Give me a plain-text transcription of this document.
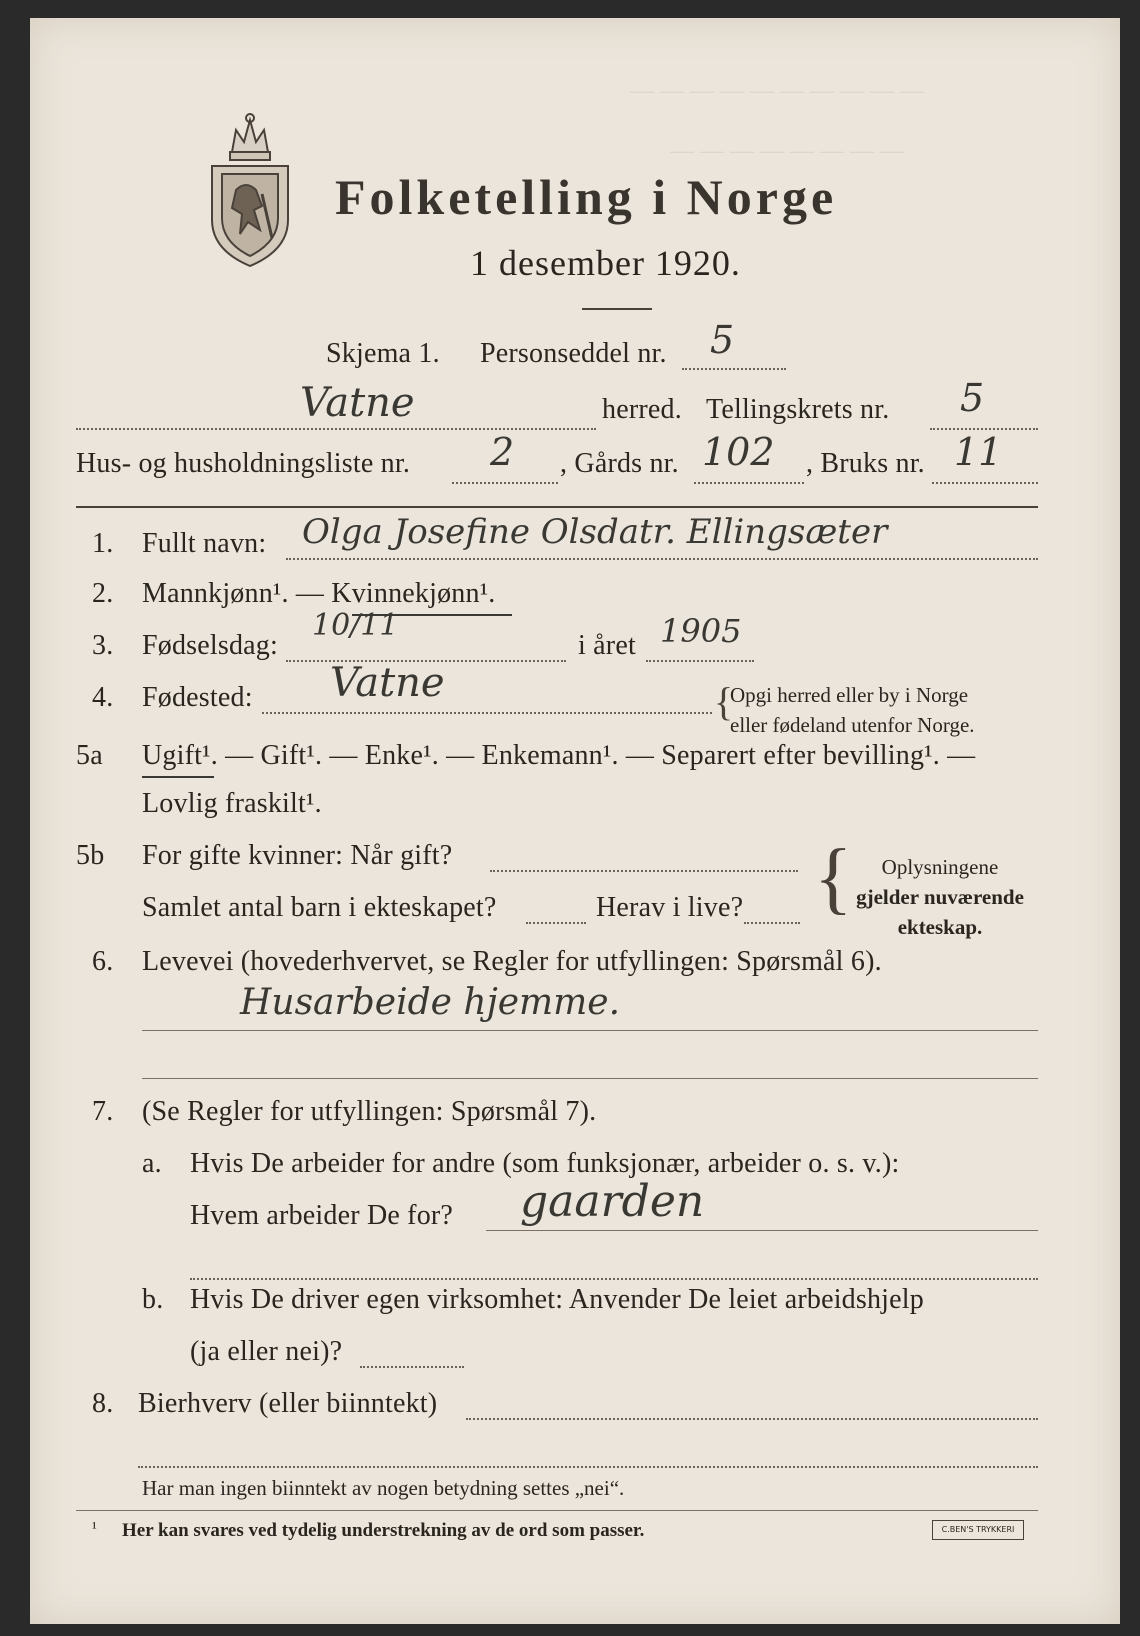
— — — — — — — — — —
— — — — — — — —
Folketelling i Norge
1 desember 1920.
Skjema 1. Personseddel nr. 5
Vatne	herred. Tellingskrets nr. 5
Hus- og husholdningsliste nr. 2 , Gårds nr. 102 , Bruks nr. 11
1. Fullt navn: Olga Josefine Olsdatr. Ellingsæter
2. Mannkjønn¹. — Kvinnekjønn¹.
3. Fødselsdag:
10/11
i året 1905
4. Fødested: Vatne	{
Opgi herred eller by i Norge
eller fødeland utenfor Norge.
5a Ugift¹. — Gift¹. — Enke¹. — Enkemann¹. — Separert efter bevilling¹. —
Lovlig fraskilt¹.
5b For gifte kvinner: Når gift?
Samlet antal barn i ekteskapet?	Herav i live? {	Oplysningene
gjelder nuværende
ekteskap.
6. Levevei (hovederhvervet, se Regler for utfyllingen: Spørsmål 6).
Husarbeide hjemme.
7. (Se Regler for utfyllingen: Spørsmål 7).
a. Hvis De arbeider for andre (som funksjonær, arbeider o. s. v.):
Hvem arbeider De for? gaarden
b. Hvis De driver egen virksomhet: Anvender De leiet arbeidshjelp
(ja eller nei)?
8. Bierhverv (eller biinntekt)
Har man ingen biinntekt av nogen betydning settes „nei“.
¹ Her kan svares ved tydelig understrekning av de ord som passer.	C.BEN'S TRYKKERI
